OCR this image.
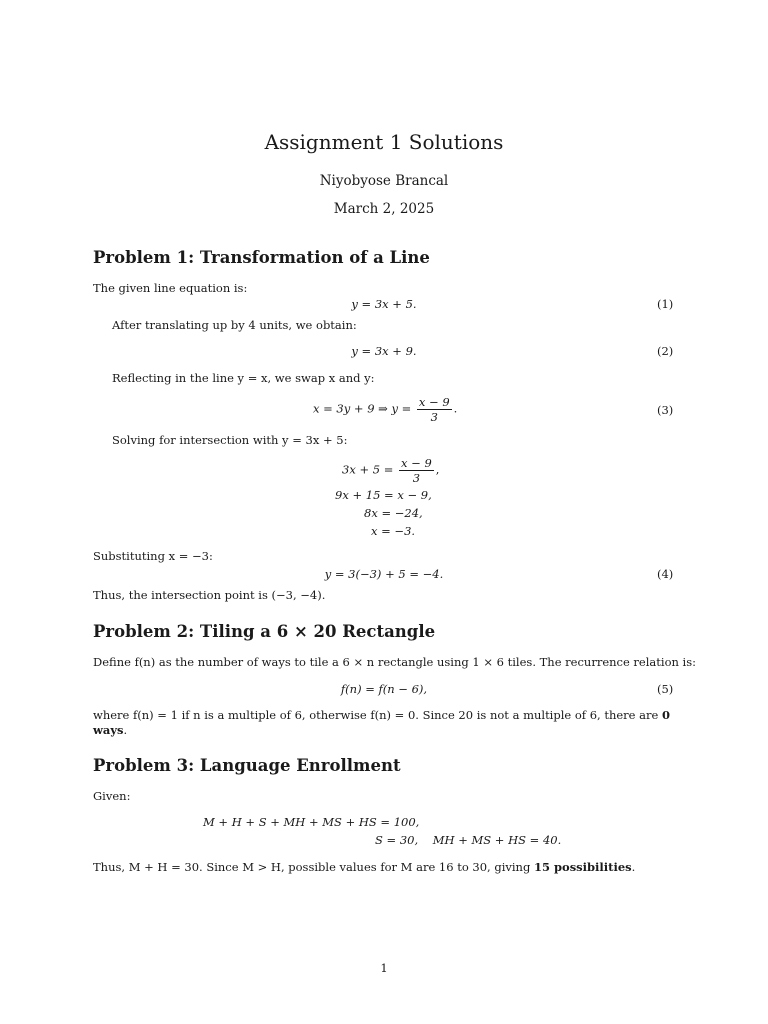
Assignment 1 Solutions
Niyobyose Brancal
March 2, 2025
Problem 1: Transformation of a Line
The given line equation is:
y = 3x + 5.	(1)
After translating up by 4 units, we obtain:
y = 3x + 9.	(2)
Reflecting in the line y = x, we swap x and y:
x = 3y + 9 ⇒ $y = \frac{x - 9}{3}$ .	(3)
Solving for intersection with y = 3x + 5:
$3x + 5 = \frac{x - 9}{3}$ ,
9x + 15 = x − 9,
8x = −24,
x = −3.
Substituting x = −3:
y = 3(−3) + 5 = −4.	(4)
Thus, the intersection point is (−3, −4).
Problem 2: Tiling a 6 × 20 Rectangle
Define f(n) as the number of ways to tile a 6 × n rectangle using 1 × 6 tiles. The recurrence relation is:
f(n) = f(n − 6),	(5)
where f(n) = 1 if n is a multiple of 6, otherwise f(n) = 0. Since 20 is not a multiple of 6, there are 0 ways.
Problem 3: Language Enrollment
Given:
M + H + S + MH + MS + HS = 100,
S = 30,    MH + MS + HS = 40.
Thus, M + H = 30. Since M > H, possible values for M are 16 to 30, giving 15 possibilities.
1
